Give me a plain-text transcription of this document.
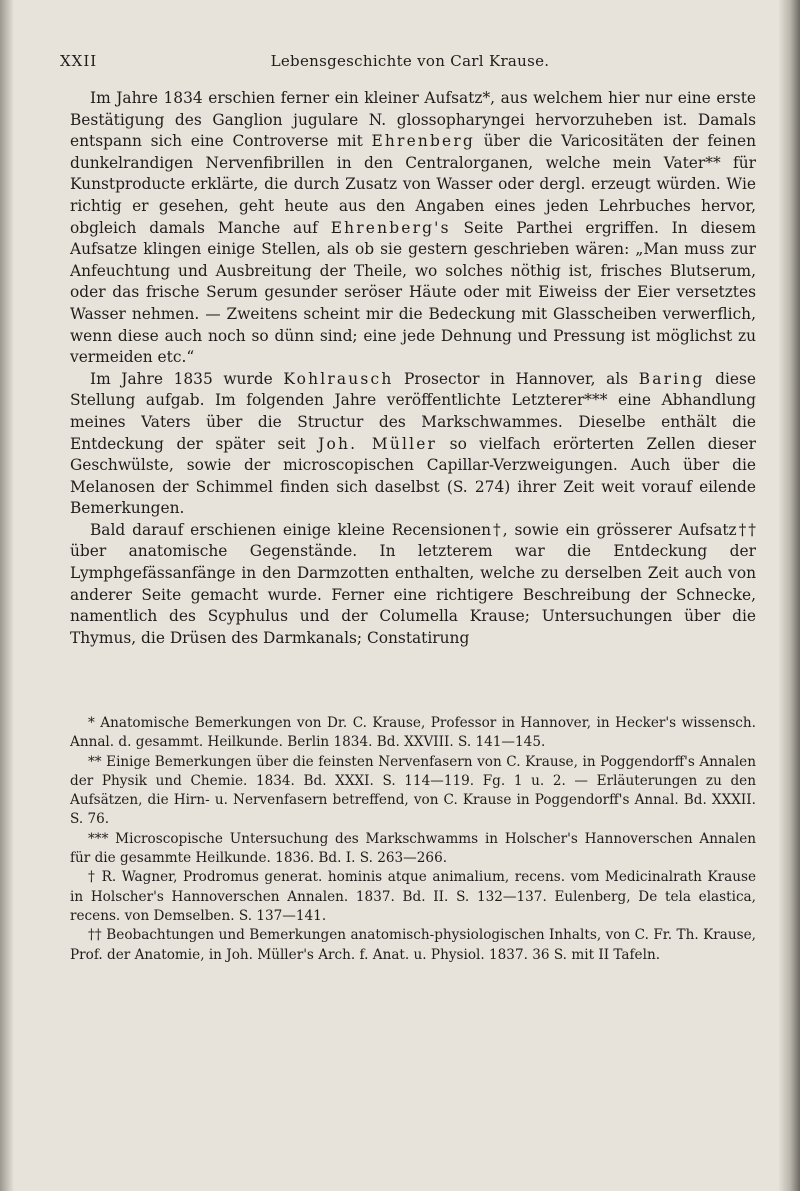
XXII	Lebensgeschichte von Carl Krause.

Im Jahre 1834 erschien ferner ein kleiner Aufsatz*, aus welchem hier nur eine erste Bestätigung des Ganglion jugulare N. glossopharyngei hervorzuheben ist. Damals entspann sich eine Controverse mit Ehrenberg über die Varicositäten der feinen dunkelrandigen Nervenfibrillen in den Centralorganen, welche mein Vater** für Kunstproducte erklärte, die durch Zusatz von Wasser oder dergl. erzeugt würden. Wie richtig er gesehen, geht heute aus den Angaben eines jeden Lehrbuches hervor, obgleich damals Manche auf Ehrenberg's Seite Parthei ergriffen. In diesem Aufsatze klingen einige Stellen, als ob sie gestern geschrieben wären: „Man muss zur Anfeuchtung und Ausbreitung der Theile, wo solches nöthig ist, frisches Blutserum, oder das frische Serum gesunder seröser Häute oder mit Eiweiss der Eier versetztes Wasser nehmen. — Zweitens scheint mir die Bedeckung mit Glasscheiben verwerflich, wenn diese auch noch so dünn sind; eine jede Dehnung und Pressung ist möglichst zu vermeiden etc.“

Im Jahre 1835 wurde Kohlrausch Prosector in Hannover, als Baring diese Stellung aufgab. Im folgenden Jahre veröffentlichte Letzterer*** eine Abhandlung meines Vaters über die Structur des Markschwammes. Dieselbe enthält die Entdeckung der später seit Joh. Müller so vielfach erörterten Zellen dieser Geschwülste, sowie der microscopischen Capillar-Verzweigungen. Auch über die Melanosen der Schimmel finden sich daselbst (S. 274) ihrer Zeit weit vorauf eilende Bemerkungen.

Bald darauf erschienen einige kleine Recensionen†, sowie ein grösserer Aufsatz†† über anatomische Gegenstände. In letzterem war die Entdeckung der Lymphgefässanfänge in den Darmzotten enthalten, welche zu derselben Zeit auch von anderer Seite gemacht wurde. Ferner eine richtigere Beschreibung der Schnecke, namentlich des Scyphulus und der Columella Krause; Untersuchungen über die Thymus, die Drüsen des Darmkanals; Constatirung

* Anatomische Bemerkungen von Dr. C. Krause, Professor in Hannover, in Hecker's wissensch. Annal. d. gesammt. Heilkunde. Berlin 1834. Bd. XXVIII. S. 141—145.

** Einige Bemerkungen über die feinsten Nervenfasern von C. Krause, in Poggendorff's Annalen der Physik und Chemie. 1834. Bd. XXXI. S. 114—119. Fg. 1 u. 2. — Erläuterungen zu den Aufsätzen, die Hirn- u. Nervenfasern betreffend, von C. Krause in Poggendorff's Annal. Bd. XXXII. S. 76.

*** Microscopische Untersuchung des Markschwamms in Holscher's Hannoverschen Annalen für die gesammte Heilkunde. 1836. Bd. I. S. 263—266.

† R. Wagner, Prodromus generat. hominis atque animalium, recens. vom Medicinalrath Krause in Holscher's Hannoverschen Annalen. 1837. Bd. II. S. 132—137. Eulenberg, De tela elastica, recens. von Demselben. S. 137—141.

†† Beobachtungen und Bemerkungen anatomisch-physiologischen Inhalts, von C. Fr. Th. Krause, Prof. der Anatomie, in Joh. Müller's Arch. f. Anat. u. Physiol. 1837. 36 S. mit II Tafeln.
